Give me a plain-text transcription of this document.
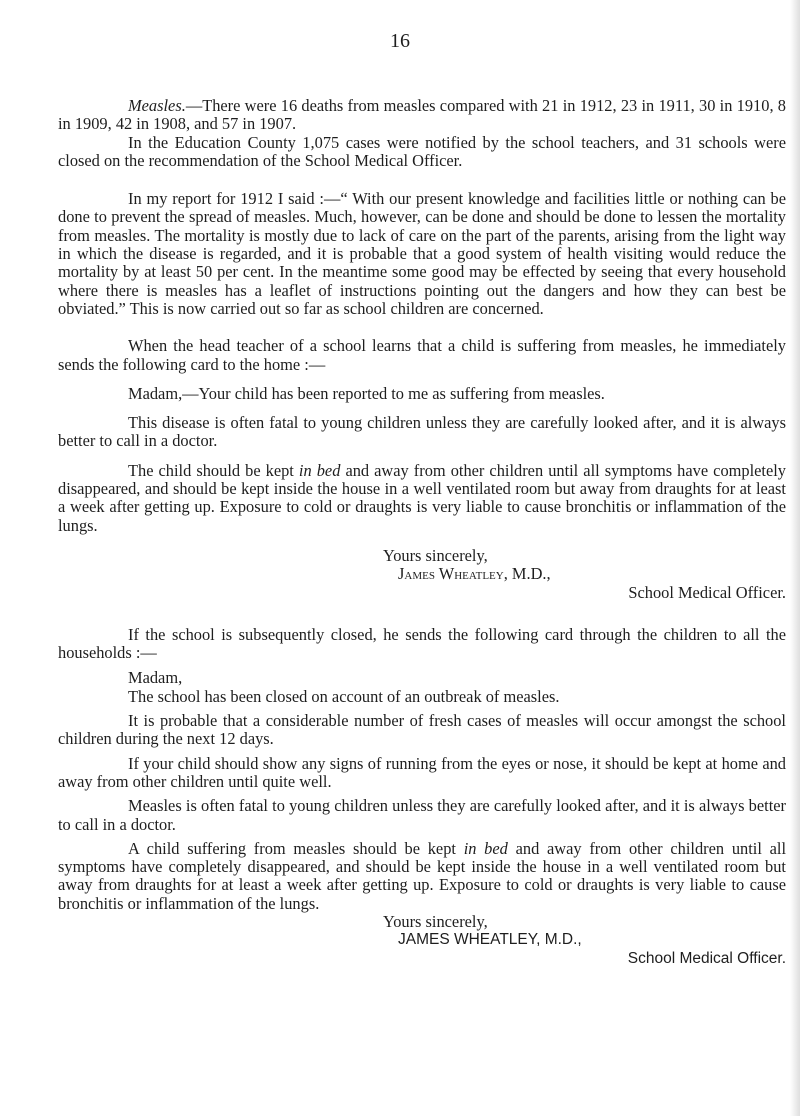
16

Measles.—There were 16 deaths from measles compared with 21 in 1912, 23 in 1911, 30 in 1910, 8 in 1909, 42 in 1908, and 57 in 1907.

In the Education County 1,075 cases were notified by the school teachers, and 31 schools were closed on the recommendation of the School Medical Officer.

In my report for 1912 I said :—“ With our present knowledge and facilities little or nothing can be done to prevent the spread of measles. Much, however, can be done and should be done to lessen the mortality from measles. The mortality is mostly due to lack of care on the part of the parents, arising from the light way in which the disease is regarded, and it is probable that a good system of health visiting would reduce the mortality by at least 50 per cent. In the meantime some good may be effected by seeing that every household where there is measles has a leaflet of instructions pointing out the dangers and how they can best be obviated.” This is now carried out so far as school children are concerned.

When the head teacher of a school learns that a child is suffering from measles, he immediately sends the following card to the home :—

Madam,—Your child has been reported to me as suffering from measles.

This disease is often fatal to young children unless they are carefully looked after, and it is always better to call in a doctor.

The child should be kept in bed and away from other children until all symptoms have completely disappeared, and should be kept inside the house in a well ventilated room but away from draughts for at least a week after getting up. Exposure to cold or draughts is very liable to cause bronchitis or inflammation of the lungs.

Yours sincerely,
James Wheatley, M.D.,
School Medical Officer.

If the school is subsequently closed, he sends the following card through the children to all the households :—

Madam,

The school has been closed on account of an outbreak of measles.

It is probable that a considerable number of fresh cases of measles will occur amongst the school children during the next 12 days.

If your child should show any signs of running from the eyes or nose, it should be kept at home and away from other children until quite well.

Measles is often fatal to young children unless they are carefully looked after, and it is always better to call in a doctor.

A child suffering from measles should be kept in bed and away from other children until all symptoms have completely disappeared, and should be kept inside the house in a well ventilated room but away from draughts for at least a week after getting up. Exposure to cold or draughts is very liable to cause bronchitis or inflammation of the lungs.

Yours sincerely,
JAMES WHEATLEY, M.D.,
School Medical Officer.
